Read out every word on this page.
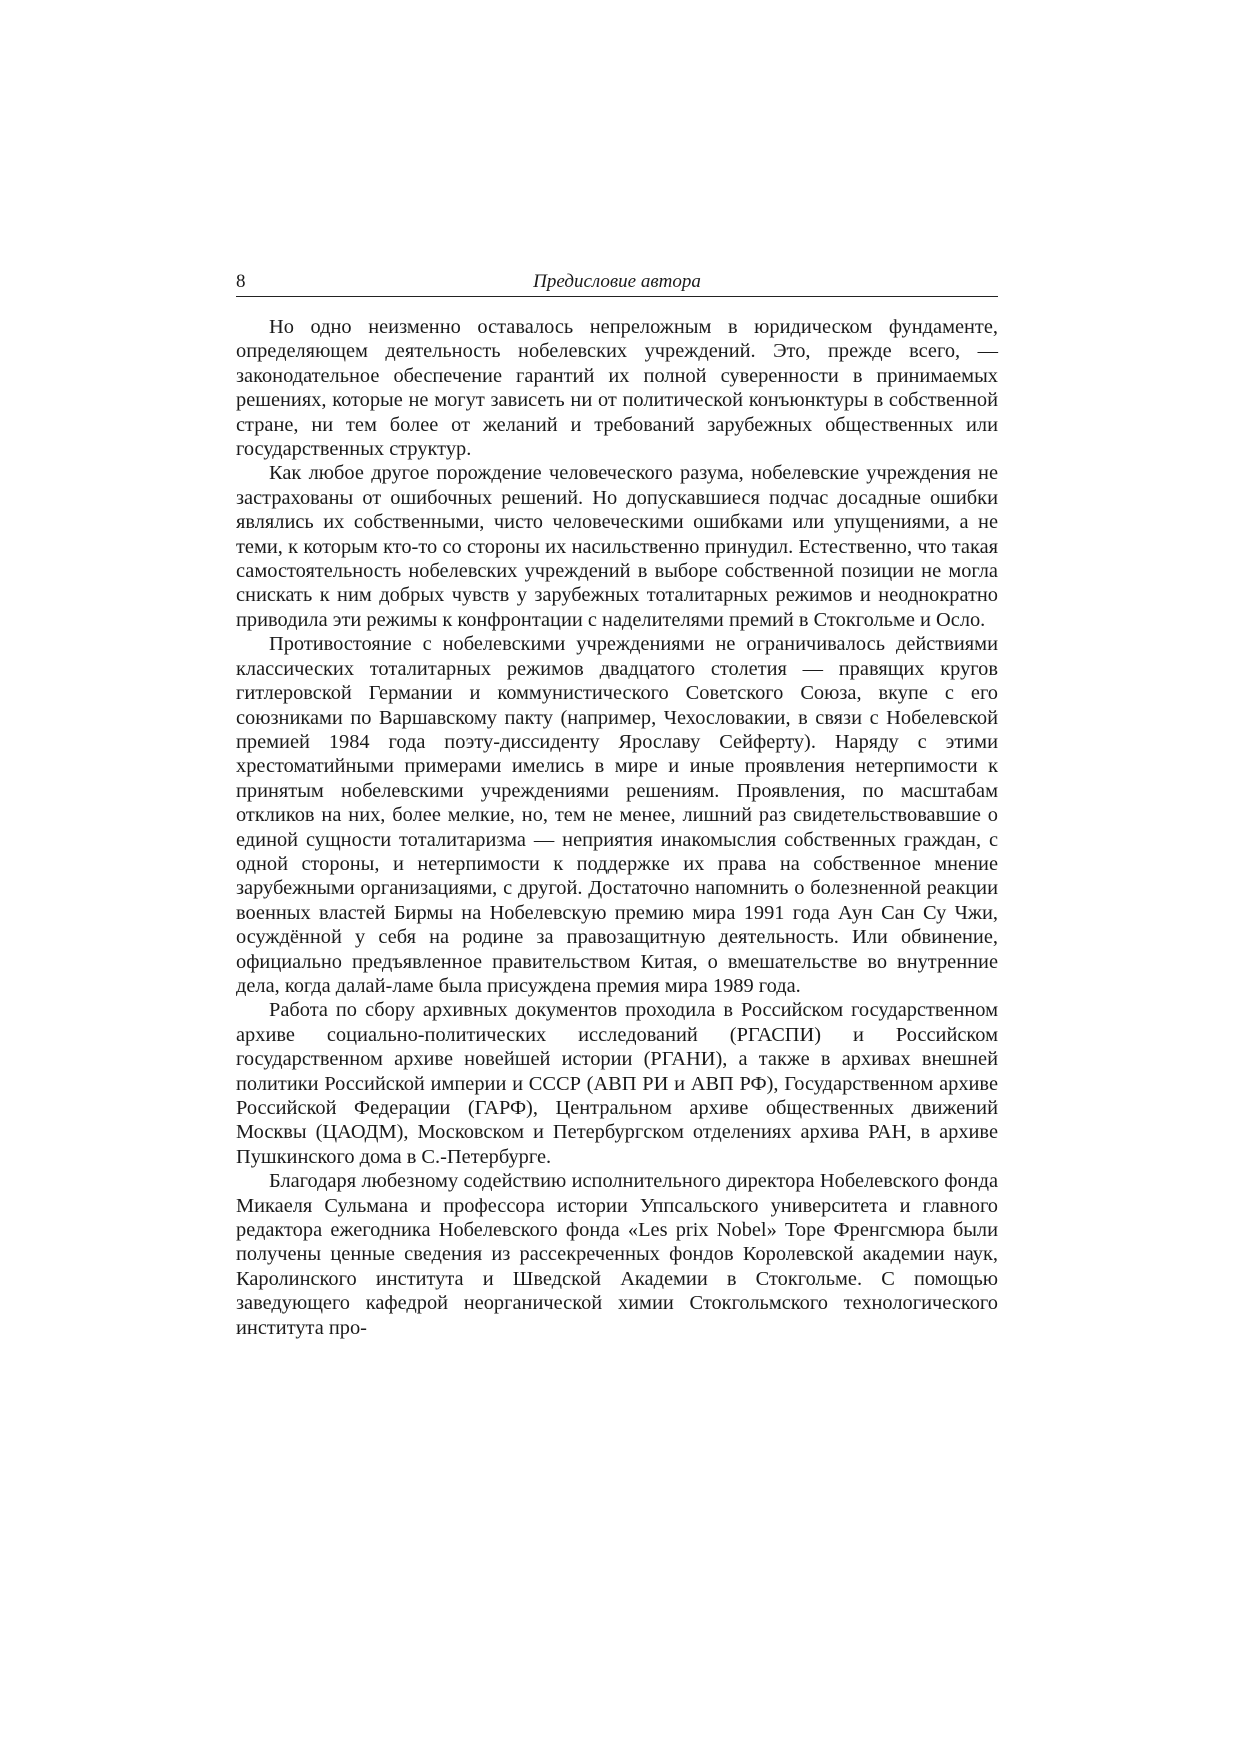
8	Предисловие автора

Но одно неизменно оставалось непреложным в юридическом фундаменте, определяющем деятельность нобелевских учреждений. Это, прежде всего, — законодательное обеспечение гарантий их полной суверенности в принимаемых решениях, которые не могут зависеть ни от политической конъюнктуры в собственной стране, ни тем более от желаний и требований зарубежных общественных или государственных структур.

Как любое другое порождение человеческого разума, нобелевские учреждения не застрахованы от ошибочных решений. Но допускавшиеся подчас досадные ошибки являлись их собственными, чисто человеческими ошибками или упущениями, а не теми, к которым кто-то со стороны их насильственно принудил. Естественно, что такая самостоятельность нобелевских учреждений в выборе собственной позиции не могла снискать к ним добрых чувств у зарубежных тоталитарных режимов и неоднократно приводила эти режимы к конфронтации с наделителями премий в Стокгольме и Осло.

Противостояние с нобелевскими учреждениями не ограничивалось действиями классических тоталитарных режимов двадцатого столетия — правящих кругов гитлеровской Германии и коммунистического Советского Союза, вкупе с его союзниками по Варшавскому пакту (например, Чехословакии, в связи с Нобелевской премией 1984 года поэту-диссиденту Ярославу Сейферту). Наряду с этими хрестоматийными примерами имелись в мире и иные проявления нетерпимости к принятым нобелевскими учреждениями решениям. Проявления, по масштабам откликов на них, более мелкие, но, тем не менее, лишний раз свидетельствовавшие о единой сущности тоталитаризма — неприятия инакомыслия собственных граждан, с одной стороны, и нетерпимости к поддержке их права на собственное мнение зарубежными организациями, с другой. Достаточно напомнить о болезненной реакции военных властей Бирмы на Нобелевскую премию мира 1991 года Аун Сан Су Чжи, осуждённой у себя на родине за правозащитную деятельность. Или обвинение, официально предъявленное правительством Китая, о вмешательстве во внутренние дела, когда далай-ламе была присуждена премия мира 1989 года.

Работа по сбору архивных документов проходила в Российском государственном архиве социально-политических исследований (РГАСПИ) и Российском государственном архиве новейшей истории (РГАНИ), а также в архивах внешней политики Российской империи и СССР (АВП РИ и АВП РФ), Государственном архиве Российской Федерации (ГАРФ), Центральном архиве общественных движений Москвы (ЦАОДМ), Московском и Петербургском отделениях архива РАН, в архиве Пушкинского дома в С.-Петербурге.

Благодаря любезному содействию исполнительного директора Нобелевского фонда Микаеля Сульмана и профессора истории Уппсальского университета и главного редактора ежегодника Нобелевского фонда «Les prix Nobel» Торе Френгсмюра были получены ценные сведения из рассекреченных фондов Королевской академии наук, Каролинского института и Шведской Академии в Стокгольме. С помощью заведующего кафедрой неорганической химии Стокгольмского технологического института про-
